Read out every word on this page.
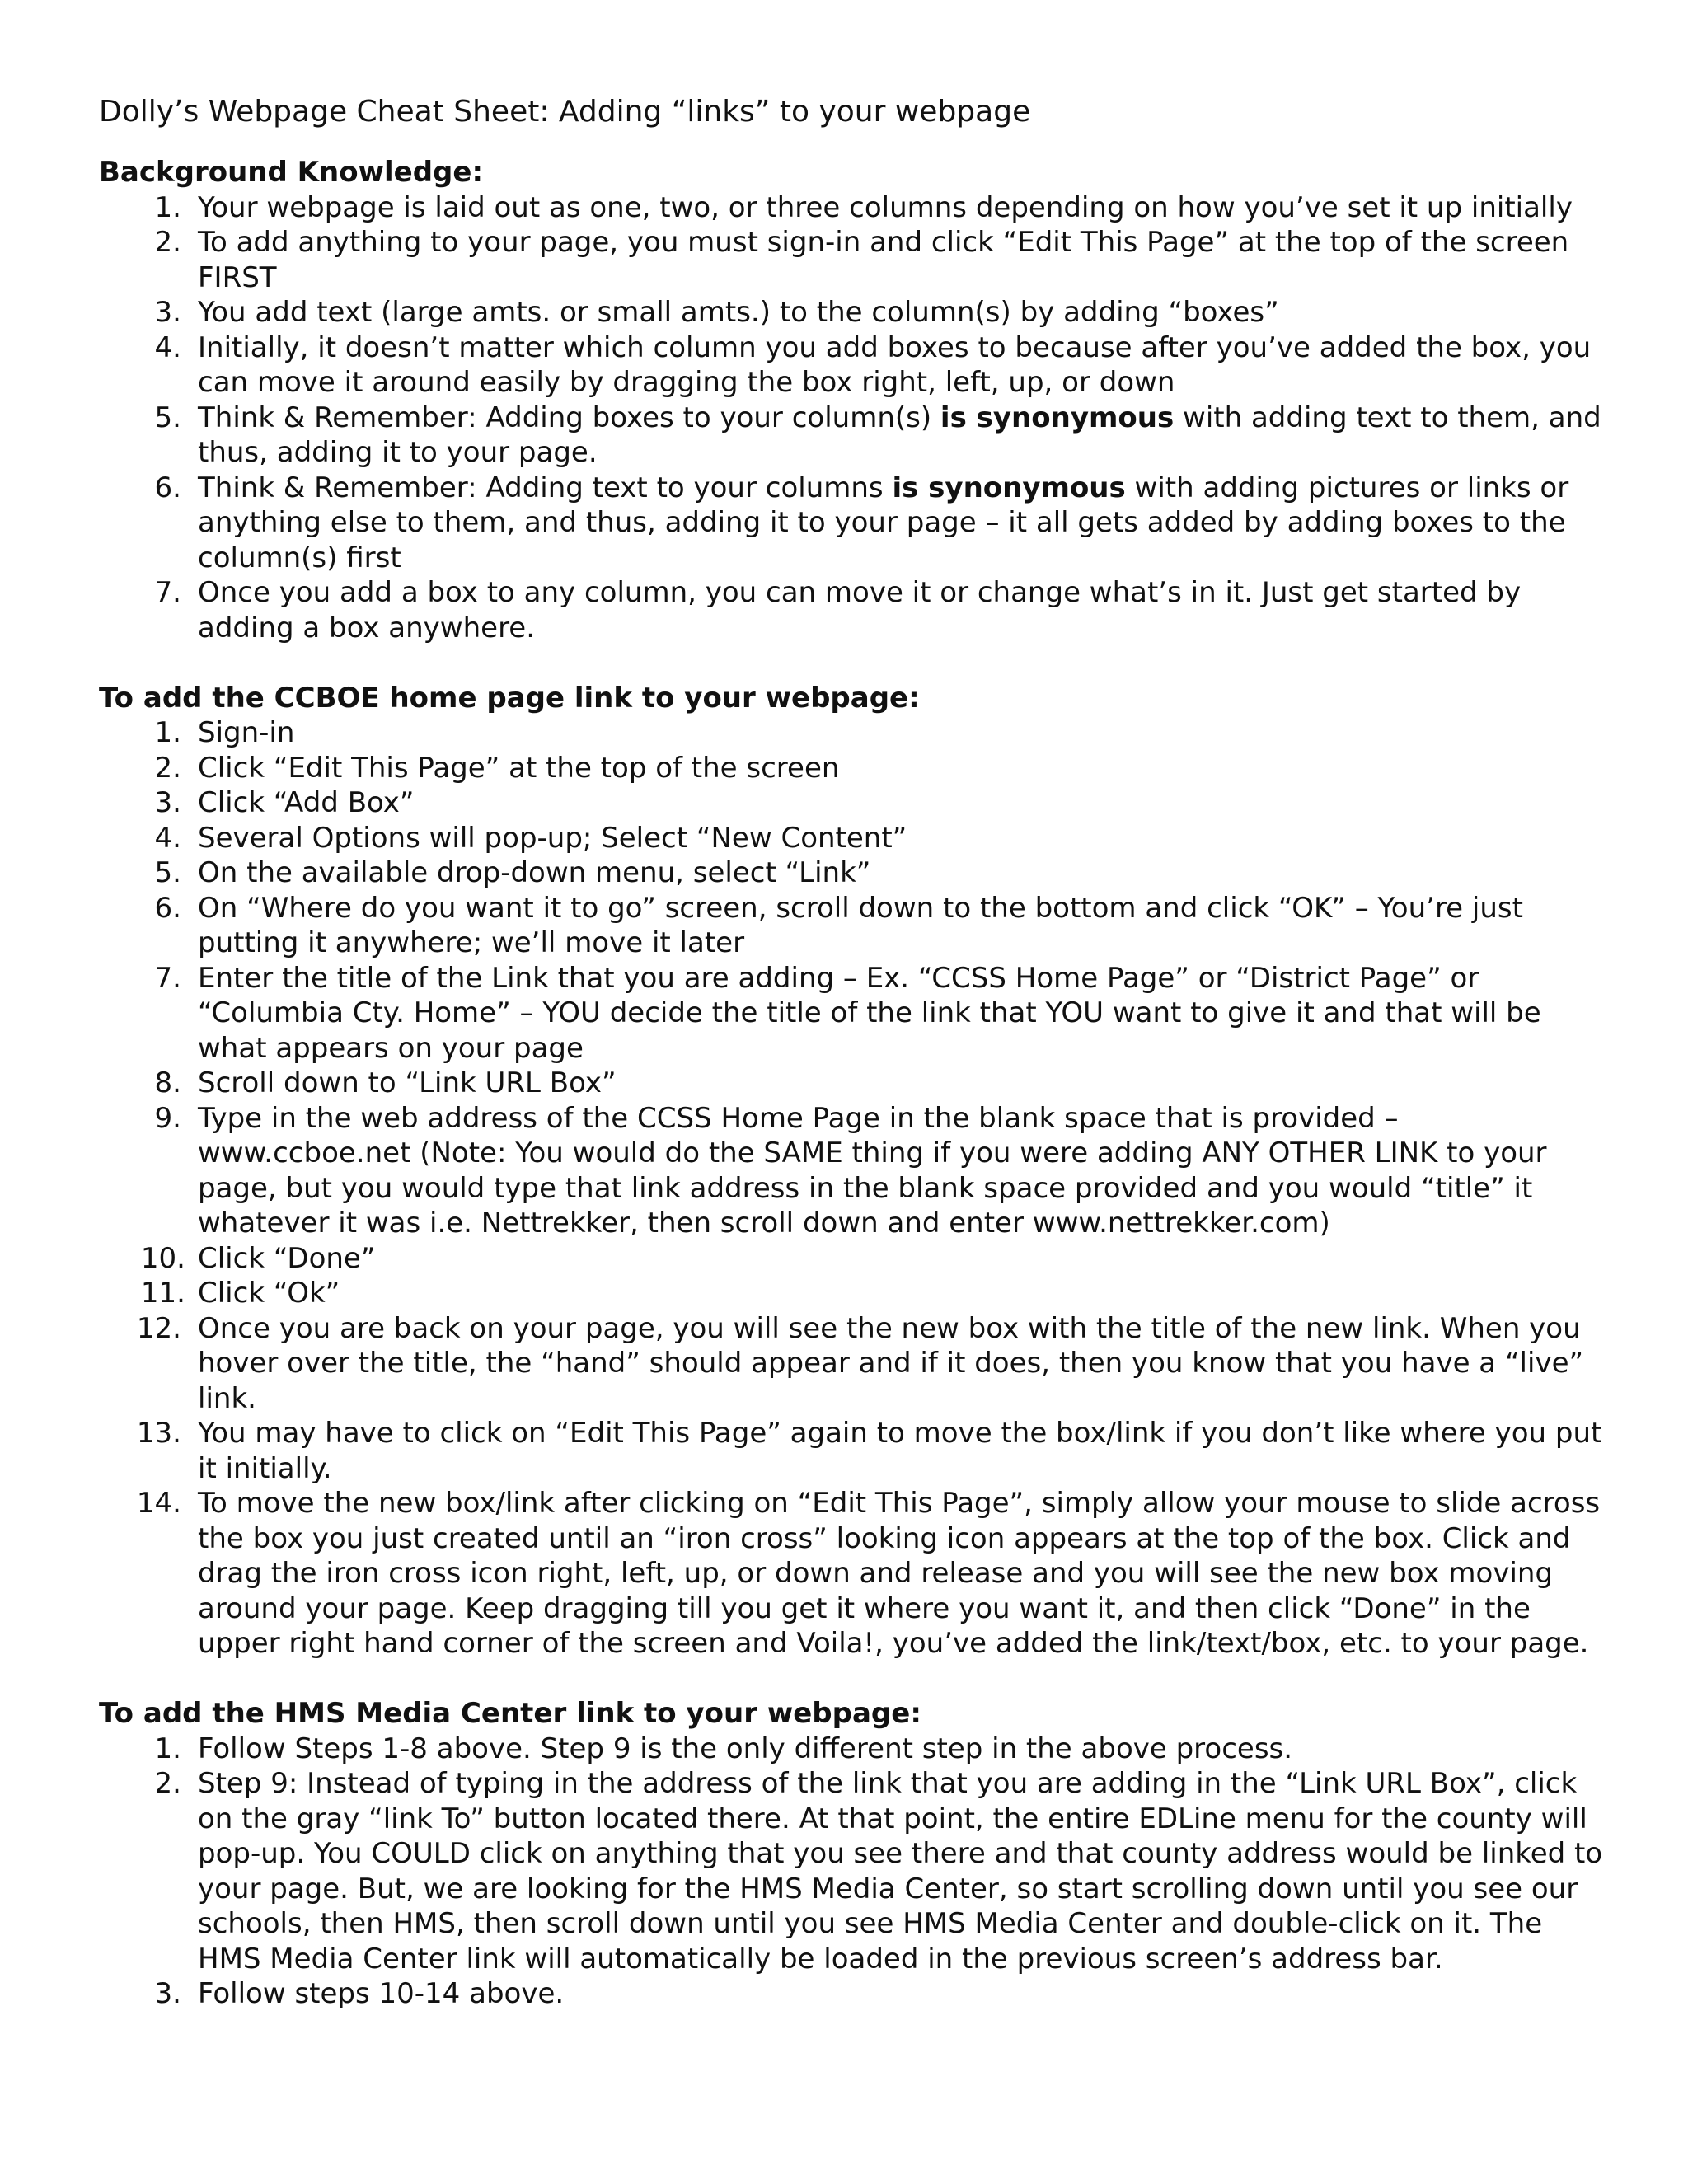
Dolly’s Webpage Cheat Sheet: Adding “links” to your webpage
Background Knowledge:
1. Your webpage is laid out as one, two, or three columns depending on how you’ve set it up initially
2. To add anything to your page, you must sign-in and click “Edit This Page” at the top of the screen FIRST
3. You add text (large amts. or small amts.) to the column(s) by adding “boxes”
4. Initially, it doesn’t matter which column you add boxes to because after you’ve added the box, you can move it around easily by dragging the box right, left, up, or down
5. Think & Remember: Adding boxes to your column(s) is synonymous with adding text to them, and thus, adding it to your page.
6. Think & Remember: Adding text to your columns is synonymous with adding pictures or links or anything else to them, and thus, adding it to your page – it all gets added by adding boxes to the column(s) first
7. Once you add a box to any column, you can move it or change what’s in it. Just get started by adding a box anywhere.
To add the CCBOE home page link to your webpage:
1. Sign-in
2. Click “Edit This Page” at the top of the screen
3. Click “Add Box”
4. Several Options will pop-up; Select “New Content”
5. On the available drop-down menu, select “Link”
6. On “Where do you want it to go” screen, scroll down to the bottom and click “OK” – You’re just putting it anywhere; we’ll move it later
7. Enter the title of the Link that you are adding – Ex. “CCSS Home Page” or “District Page” or “Columbia Cty. Home” – YOU decide the title of the link that YOU want to give it and that will be what appears on your page
8. Scroll down to “Link URL Box”
9. Type in the web address of the CCSS Home Page in the blank space that is provided – www.ccboe.net (Note: You would do the SAME thing if you were adding ANY OTHER LINK to your page, but you would type that link address in the blank space provided and you would “title” it whatever it was i.e. Nettrekker, then scroll down and enter www.nettrekker.com)
10. Click “Done”
11. Click “Ok”
12. Once you are back on your page, you will see the new box with the title of the new link. When you hover over the title, the “hand” should appear and if it does, then you know that you have a “live” link.
13. You may have to click on “Edit This Page” again to move the box/link if you don’t like where you put it initially.
14. To move the new box/link after clicking on “Edit This Page”, simply allow your mouse to slide across the box you just created until an “iron cross” looking icon appears at the top of the box. Click and drag the iron cross icon right, left, up, or down and release and you will see the new box moving around your page. Keep dragging till you get it where you want it, and then click “Done” in the upper right hand corner of the screen and Voila!, you’ve added the link/text/box, etc. to your page.
To add the HMS Media Center link to your webpage:
1. Follow Steps 1-8 above. Step 9 is the only different step in the above process.
2. Step 9: Instead of typing in the address of the link that you are adding in the “Link URL Box”, click on the gray “link To” button located there. At that point, the entire EDLine menu for the county will pop-up. You COULD click on anything that you see there and that county address would be linked to your page. But, we are looking for the HMS Media Center, so start scrolling down until you see our schools, then HMS, then scroll down until you see HMS Media Center and double-click on it. The HMS Media Center link will automatically be loaded in the previous screen’s address bar.
3. Follow steps 10-14 above.
